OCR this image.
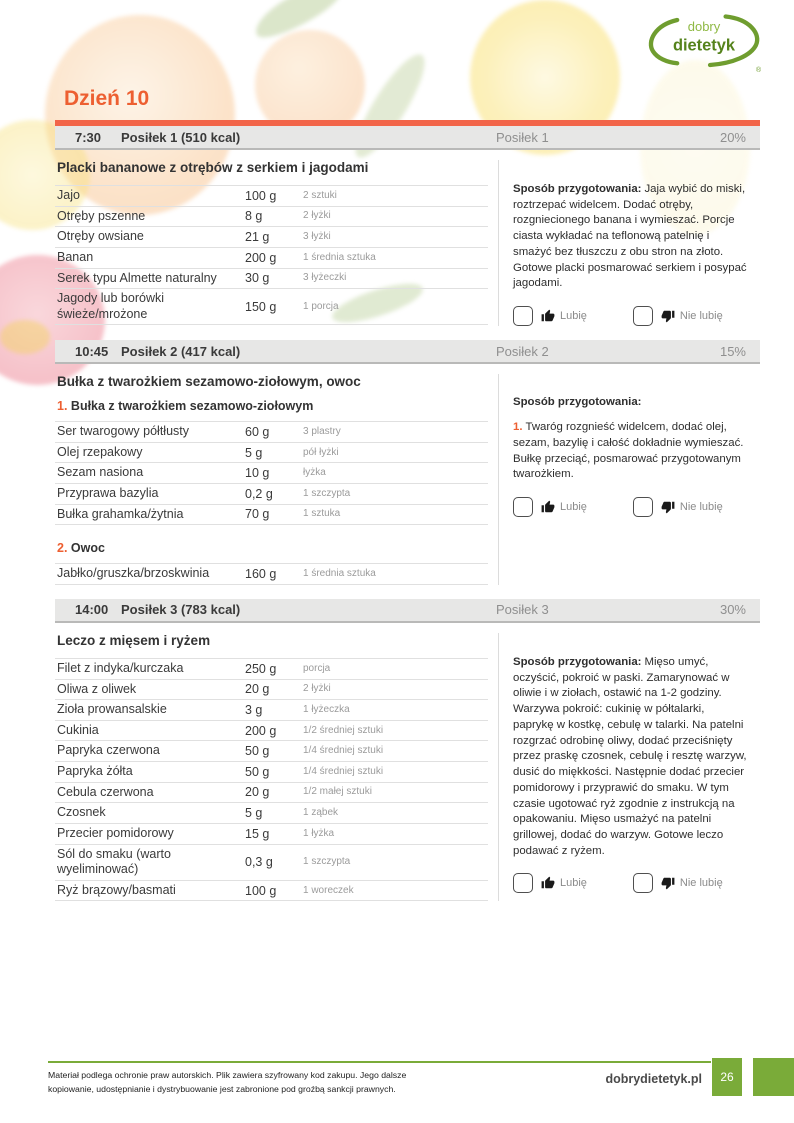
dobry
dietetyk
®
Dzień 10
7:30	Posiłek 1 (510 kcal)	Posiłek 1	20%
Placki bananowe z otrębów z serkiem i jagodami
Jajo	100 g	2 sztuki
Otręby pszenne	8 g	2 łyżki
Otręby owsiane	21 g	3 łyżki
Banan	200 g	1 średnia sztuka
Serek typu Almette naturalny	30 g	3 łyżeczki
Jagody lub borówki świeże/mrożone	150 g	1 porcja

Sposób przygotowania: Jaja wybić do miski, roztrzepać widelcem. Dodać otręby, rozgniecionego banana i wymieszać. Porcje ciasta wykładać na teflonową patelnię i smażyć bez tłuszczu z obu stron na złoto. Gotowe placki posmarować serkiem i posypać jagodami.

Lubię	Nie lubię
10:45 Posiłek 2 (417 kcal)	Posiłek 2	15%
Bułka z twarożkiem sezamowo-ziołowym, owoc
1. Bułka z twarożkiem sezamowo-ziołowym
Ser twarogowy półtłusty	60 g	3 plastry
Olej rzepakowy	5 g	pół łyżki
Sezam nasiona	10 g	łyżka
Przyprawa bazylia	0,2 g	1 szczypta
Bułka grahamka/żytnia	70 g	1 sztuka
2. Owoc
Jabłko/gruszka/brzoskwinia	160 g	1 średnia sztuka
Sposób przygotowania:

1. Twaróg rozgnieść widelcem, dodać olej, sezam, bazylię i całość dokładnie wymieszać. Bułkę przeciąć, posmarować przygotowanym twarożkiem.

Lubię	Nie lubię
14:00 Posiłek 3 (783 kcal)	Posiłek 3	30%
Leczo z mięsem i ryżem
Filet z indyka/kurczaka	250 g	porcja
Oliwa z oliwek	20 g	2 łyżki
Zioła prowansalskie	3 g	1 łyżeczka
Cukinia	200 g	1/2 średniej sztuki
Papryka czerwona	50 g	1/4 średniej sztuki
Papryka żółta	50 g	1/4 średniej sztuki
Cebula czerwona	20 g	1/2 małej sztuki
Czosnek	5 g	1 ząbek
Przecier pomidorowy	15 g	1 łyżka
Sól do smaku (warto wyeliminować)	0,3 g	1 szczypta
Ryż brązowy/basmati	100 g	1 woreczek

Sposób przygotowania: Mięso umyć, oczyścić, pokroić w paski. Zamarynować w oliwie i w ziołach, ostawić na 1-2 godziny. Warzywa pokroić: cukinię w półtalarki, paprykę w kostkę, cebulę w talarki. Na patelni rozgrzać odrobinę oliwy, dodać przeciśnięty przez praskę czosnek, cebulę i resztę warzyw, dusić do miękkości. Następnie dodać przecier pomidorowy i przyprawić do smaku. W tym czasie ugotować ryż zgodnie z instrukcją na opakowaniu. Mięso usmażyć na patelni grillowej, dodać do warzyw. Gotowe leczo podawać z ryżem.

Lubię	Nie lubię
Materiał podlega ochronie praw autorskich. Plik zawiera szyfrowany kod zakupu. Jego dalsze kopiowanie, udostępnianie i dystrybuowanie jest zabronione pod groźbą sankcji prawnych.
dobrydietetyk.pl	26
